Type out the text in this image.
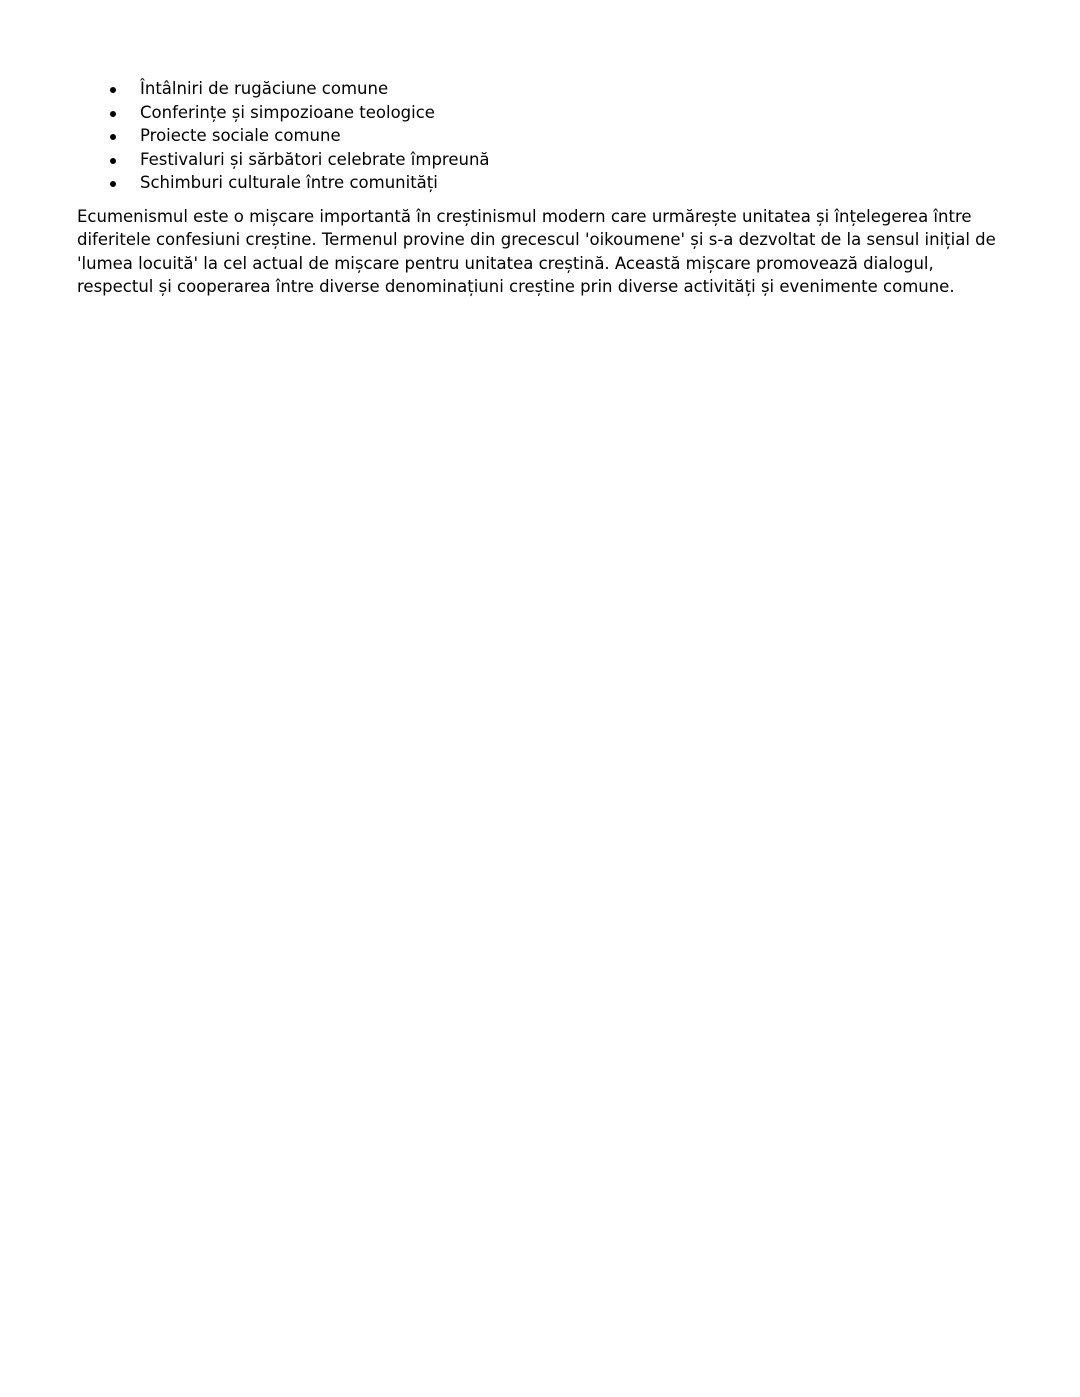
Întâlniri de rugăciune comune
Conferințe și simpozioane teologice
Proiecte sociale comune
Festivaluri și sărbători celebrate împreună
Schimburi culturale între comunități

Ecumenismul este o mișcare importantă în creștinismul modern care urmărește unitatea și înțelegerea între diferitele confesiuni creștine. Termenul provine din grecescul 'oikoumene' și s-a dezvoltat de la sensul inițial de 'lumea locuită' la cel actual de mișcare pentru unitatea creștină. Această mișcare promovează dialogul, respectul și cooperarea între diverse denominațiuni creștine prin diverse activități și evenimente comune.
